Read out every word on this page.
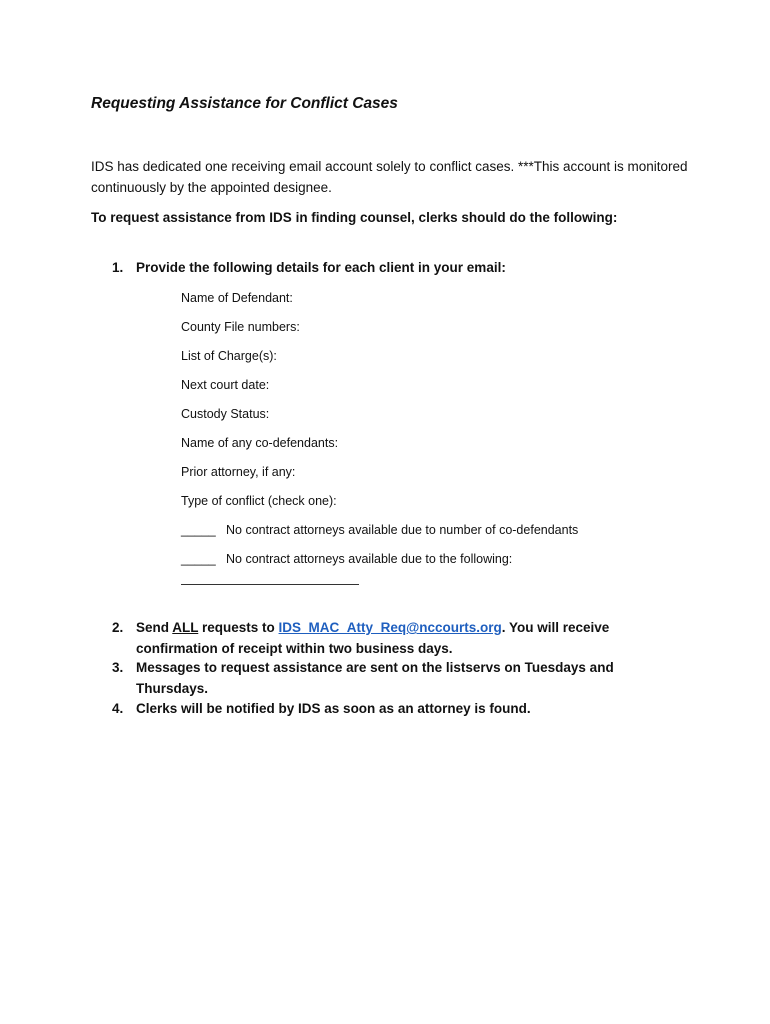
Requesting Assistance for Conflict Cases
IDS has dedicated one receiving email account solely to conflict cases. ***This account is monitored continuously by the appointed designee.
To request assistance from IDS in finding counsel, clerks should do the following:
1. Provide the following details for each client in your email:
Name of Defendant:
County File numbers:
List of Charge(s):
Next court date:
Custody Status:
Name of any co-defendants:
Prior attorney, if any:
Type of conflict (check one):
_____ No contract attorneys available due to number of co-defendants
_____ No contract attorneys available due to the following:
2. Send ALL requests to IDS_MAC_Atty_Req@nccourts.org. You will receive confirmation of receipt within two business days.
3. Messages to request assistance are sent on the listservs on Tuesdays and Thursdays.
4. Clerks will be notified by IDS as soon as an attorney is found.
